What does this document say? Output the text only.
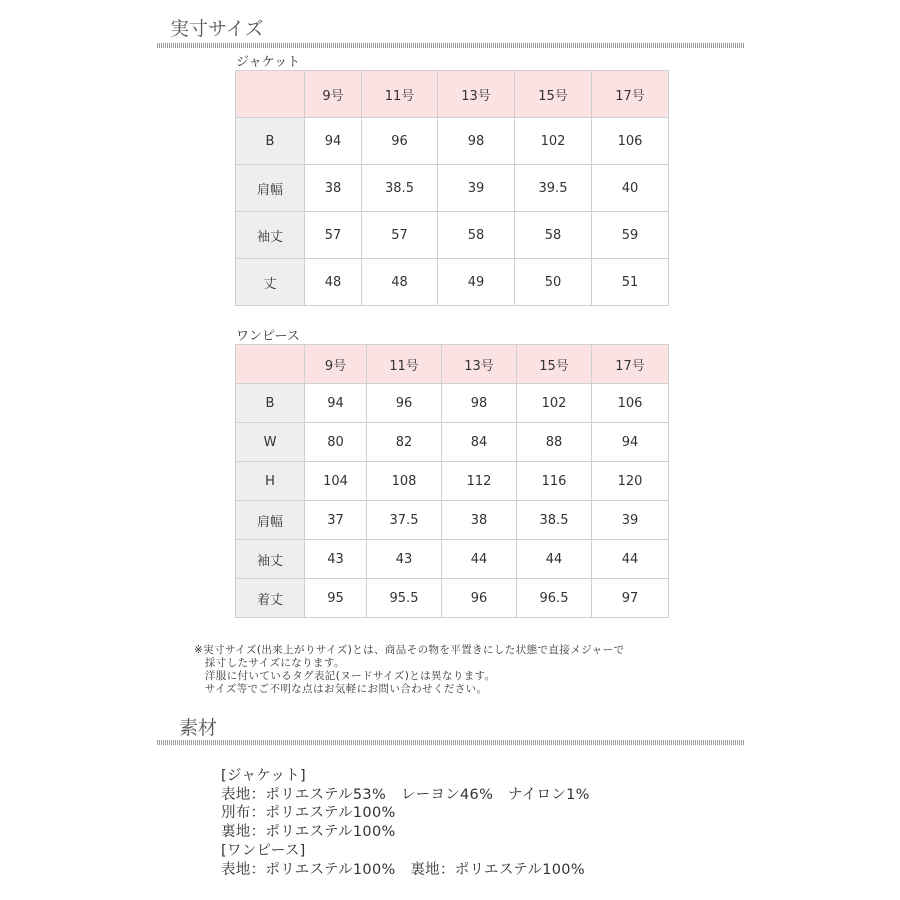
実寸サイズ
ジャケット
	9号	11号	13号	15号	17号
B	94	96	98	102	106
肩幅	38	38.5	39	39.5	40
袖丈	57	57	58	58	59
丈	48	48	49	50	51
ワンピース
	9号	11号	13号	15号	17号
B	94	96	98	102	106
W	80	82	84	88	94
H	104	108	112	116	120
肩幅	37	37.5	38	38.5	39
袖丈	43	43	44	44	44
着丈	95	95.5	96	96.5	97
※実寸サイズ(出来上がりサイズ)とは、商品その物を平置きにした状態で直接メジャーで
　採寸したサイズになります。
　洋服に付いているタグ表記(ヌードサイズ)とは異なります。
　サイズ等でご不明な点はお気軽にお問い合わせください。
素材
[ジャケット]
表地：ポリエステル53%　レーヨン46%　ナイロン1%
別布：ポリエステル100%
裏地：ポリエステル100%
[ワンピース]
表地：ポリエステル100%　裏地：ポリエステル100%
